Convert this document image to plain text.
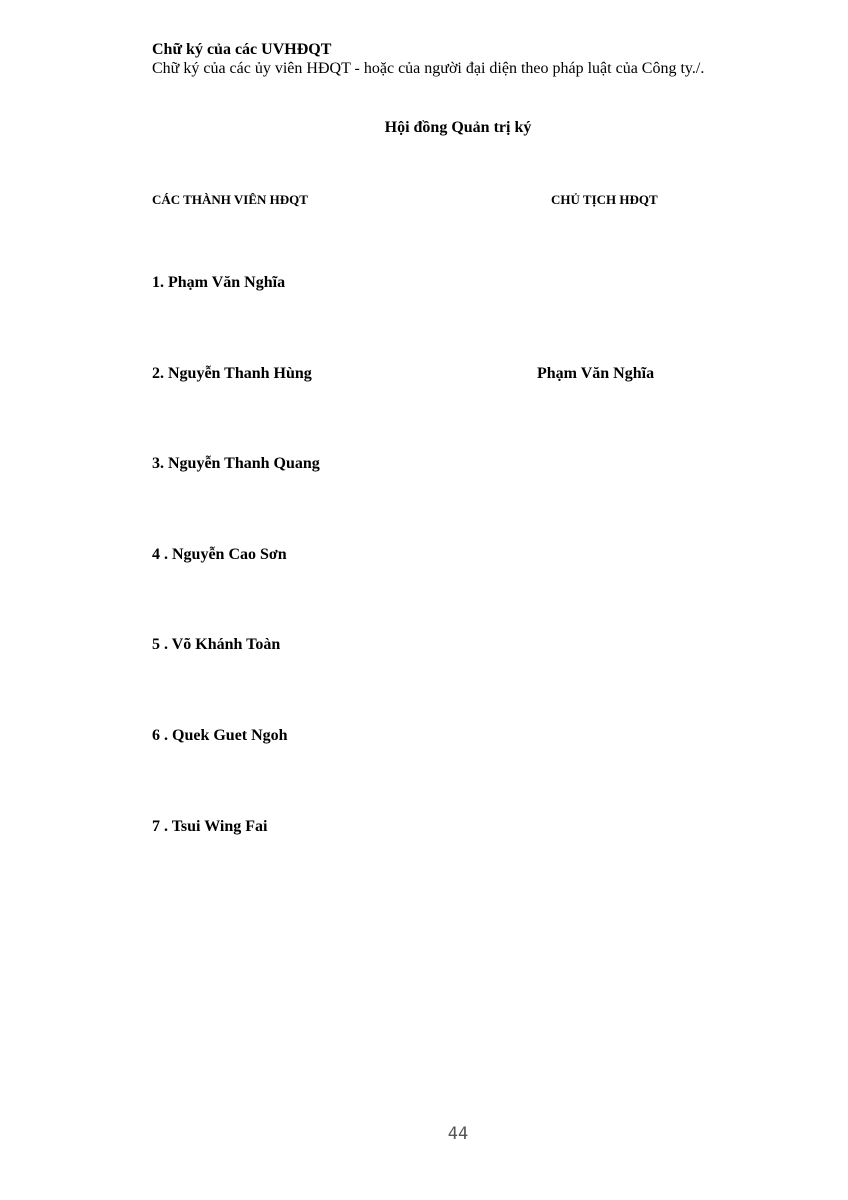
Chữ ký của các UVHĐQT
Chữ ký của các ủy viên HĐQT - hoặc của người đại diện theo pháp luật của Công ty./.
Hội đồng Quản trị ký
CÁC THÀNH VIÊN HĐQT	CHỦ TỊCH HĐQT
1. Phạm Văn Nghĩa
2. Nguyễn Thanh Hùng
3. Nguyễn Thanh Quang
4 . Nguyễn Cao Sơn
5 . Võ Khánh Toàn
6 . Quek Guet Ngoh
7 . Tsui Wing Fai
Phạm Văn Nghĩa
44
